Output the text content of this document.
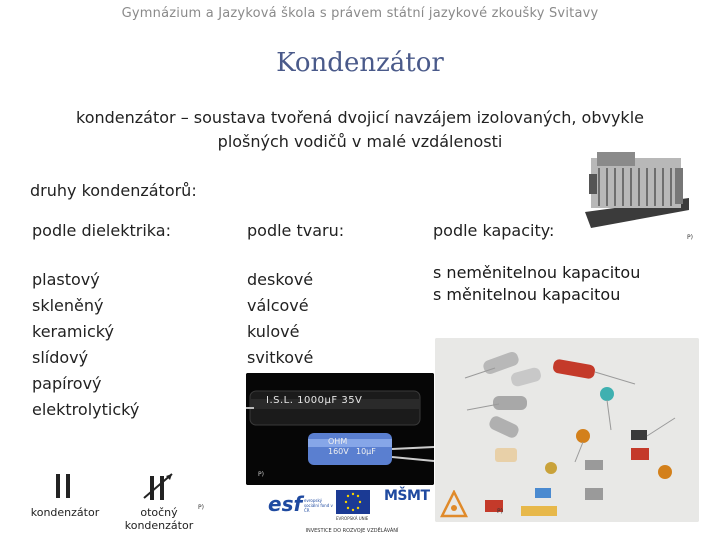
Gymnázium a Jazyková škola s právem státní jazykové zkoušky Svitavy
Kondenzátor
kondenzátor – soustava tvořená dvojicí navzájem izolovaných, obvykle
plošných vodičů v malé vzdálenosti
druhy kondenzátorů:
podle dielektrika:	podle tvaru:	podle kapacity:
plastový
skleněný
keramický
slídový
papírový
elektrolytický
deskové
válcové
kulové
svitkové
s neměnitelnou kapacitou
s měnitelnou kapacitou
P)
I.S.L. 1000µF 35V
OHM
160V 10µF
P)
P)
kondenzátor	otočný
kondenzátor
P)	esf evropský sociální fond v ČR
EVROPSKÁ UNIE
MŠMT
INVESTICE DO ROZVOJE VZDĚLÁVÁNÍ
